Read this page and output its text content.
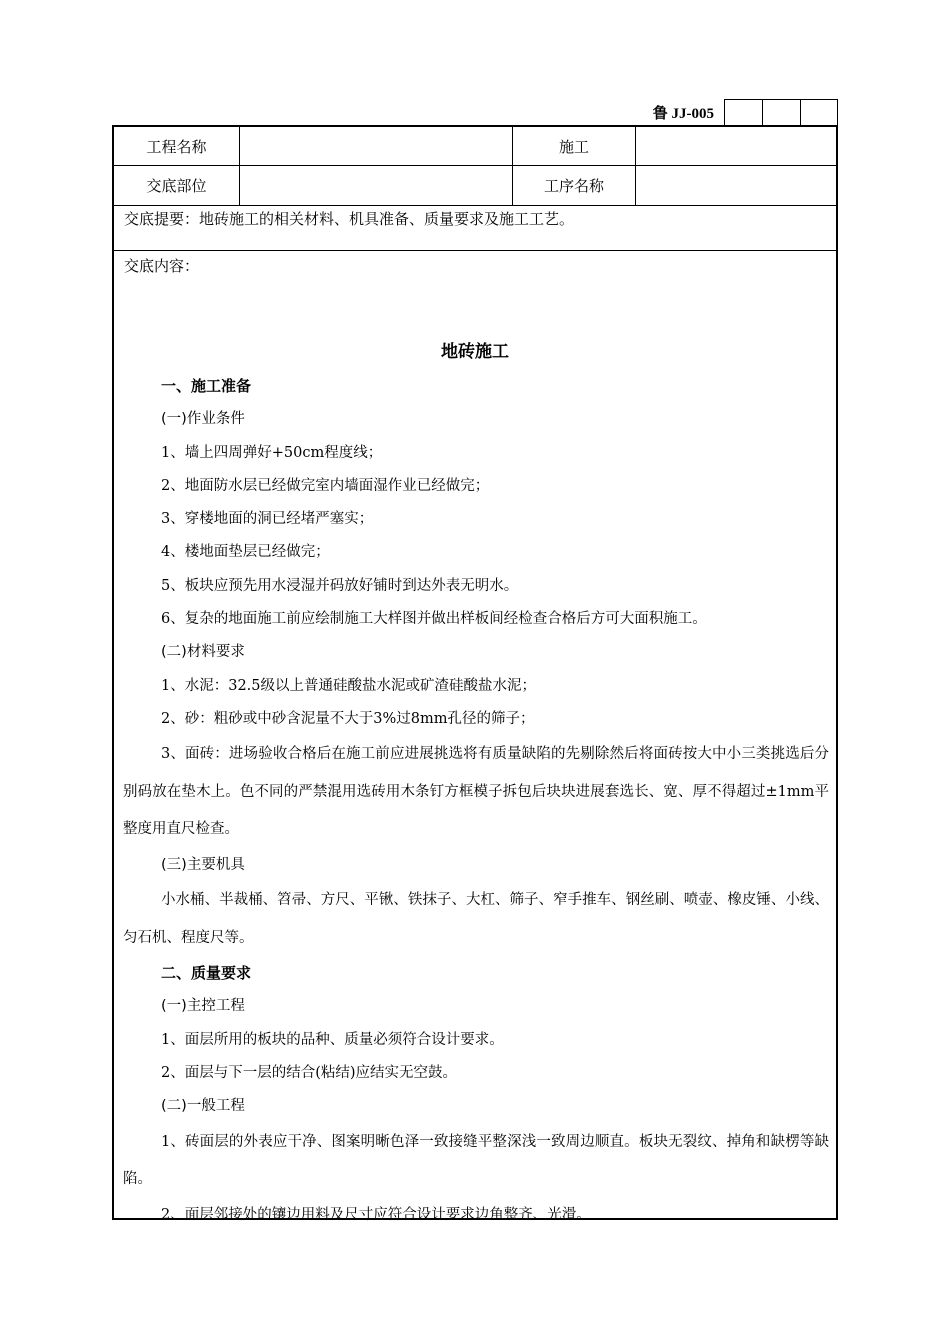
鲁 JJ-005
工程名称	施工
交底部位	工序名称
交底提要：地砖施工的相关材料、机具准备、质量要求及施工工艺。
交底内容：
地砖施工
一、施工准备
(一)作业条件
1、墙上四周弹好+50cm程度线；
2、地面防水层已经做完室内墙面湿作业已经做完；
3、穿楼地面的洞已经堵严塞实；
4、楼地面垫层已经做完；
5、板块应预先用水浸湿并码放好铺时到达外表无明水。
6、复杂的地面施工前应绘制施工大样图并做出样板间经检查合格后方可大面积施工。
(二)材料要求
1、水泥：32.5级以上普通硅酸盐水泥或矿渣硅酸盐水泥；
2、砂：粗砂或中砂含泥量不大于3%过8mm孔径的筛子；
3、面砖：进场验收合格后在施工前应进展挑选将有质量缺陷的先剔除然后将面砖按大中小三类挑选后分别码放在垫木上。色不同的严禁混用选砖用木条钉方框模子拆包后块块进展套选长、宽、厚不得超过±1mm平整度用直尺检查。
(三)主要机具
小水桶、半裁桶、笤帚、方尺、平锹、铁抹子、大杠、筛子、窄手推车、钢丝刷、喷壶、橡皮锤、小线、匀石机、程度尺等。
二、质量要求
(一)主控工程
1、面层所用的板块的品种、质量必须符合设计要求。
2、面层与下一层的结合(粘结)应结实无空鼓。
(二)一般工程
1、砖面层的外表应干净、图案明晰色泽一致接缝平整深浅一致周边顺直。板块无裂纹、掉角和缺楞等缺陷。
2、面层邻接处的镶边用料及尺寸应符合设计要求边角整齐、光滑。
